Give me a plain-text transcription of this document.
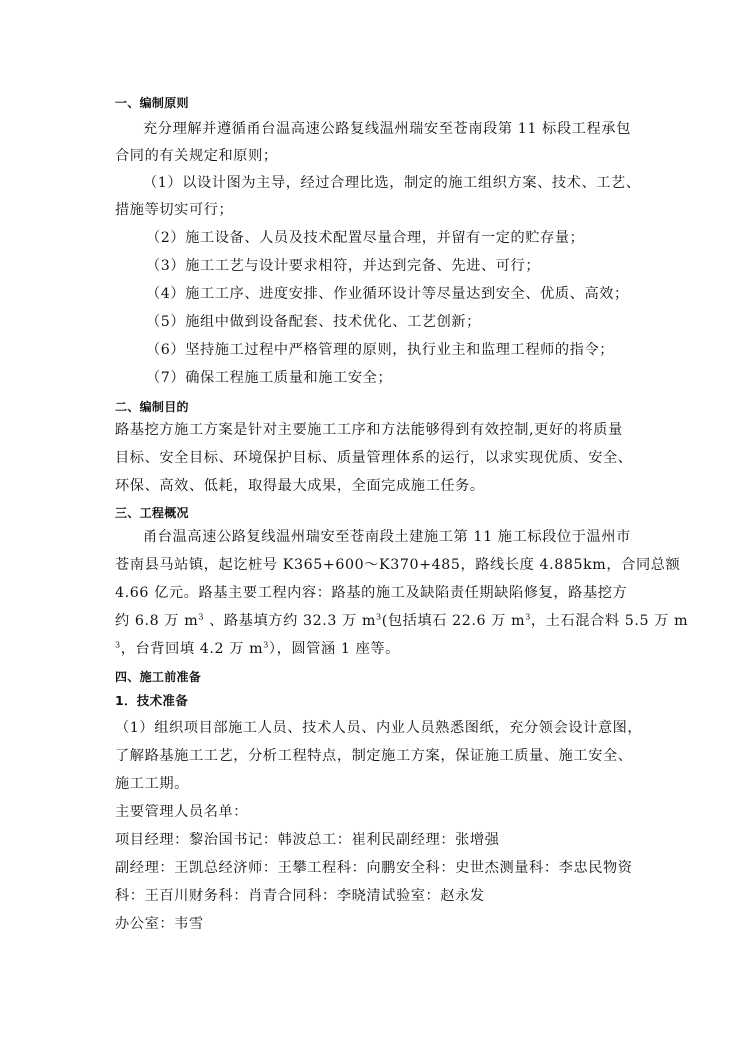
一、编制原则
充分理解并遵循甬台温高速公路复线温州瑞安至苍南段第 11 标段工程承包
合同的有关规定和原则；
（1）以设计图为主导，经过合理比选，制定的施工组织方案、技术、工艺、
措施等切实可行；
（2）施工设备、人员及技术配置尽量合理，并留有一定的贮存量；
（3）施工工艺与设计要求相符，并达到完备、先进、可行；
（4）施工工序、进度安排、作业循环设计等尽量达到安全、优质、高效；
（5）施组中做到设备配套、技术优化、工艺创新；
（6）坚持施工过程中严格管理的原则，执行业主和监理工程师的指令；
（7）确保工程施工质量和施工安全；
二、编制目的
路基挖方施工方案是针对主要施工工序和方法能够得到有效控制,更好的将质量
目标、安全目标、环境保护目标、质量管理体系的运行，以求实现优质、安全、
环保、高效、低耗，取得最大成果，全面完成施工任务。
三、工程概况
甬台温高速公路复线温州瑞安至苍南段土建施工第 11 施工标段位于温州市
苍南县马站镇，起讫桩号 K365+600～K370+485，路线长度 4.885km，合同总额
4.66 亿元。路基主要工程内容：路基的施工及缺陷责任期缺陷修复，路基挖方
约 6.8 万 $m^3$ 、路基填方约 32.3 万 $m^3$(包括填石 22.6 万 $m^3$，土石混合料 5.5 万 m
$^3$，台背回填 4.2 万 $m^3$），圆管涵 1 座等。
四、施工前准备
1．技术准备
（1）组织项目部施工人员、技术人员、内业人员熟悉图纸，充分领会设计意图，
了解路基施工工艺，分析工程特点，制定施工方案，保证施工质量、施工安全、
施工工期。
主要管理人员名单：
项目经理：黎治国书记：韩波总工：崔利民副经理：张增强
副经理：王凯总经济师：王攀工程科：向鹏安全科：史世杰测量科：李忠民物资
科：王百川财务科：肖青合同科：李晓清试验室：赵永发
办公室：韦雪
